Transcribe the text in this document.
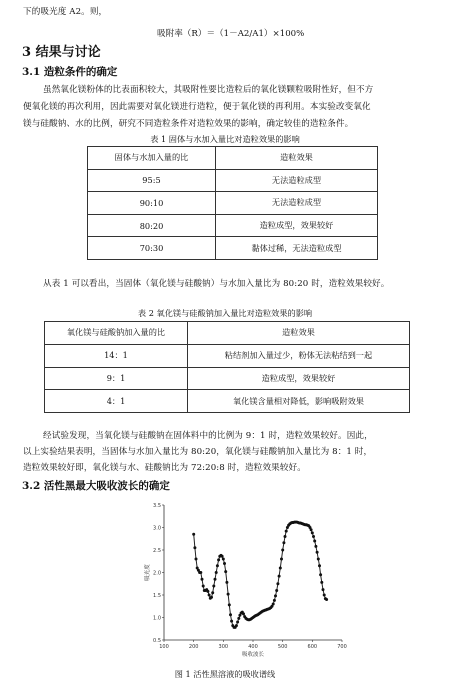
下的吸光度 A2。则，
吸附率（R）＝（1－A2/A1）×100%
3 结果与讨论
3.1 造粒条件的确定
虽然氧化镁粉体的比表面积较大，其吸附性要比造粒后的氧化镁颗粒吸附性好，但不方
便氧化镁的再次利用，因此需要对氧化镁进行造粒，便于氧化镁的再利用。本实验改变氧化
镁与硅酸钠、水的比例，研究不同造粒条件对造粒效果的影响，确定较佳的造粒条件。
表 1 固体与水加入量比对造粒效果的影响
固体与水加入量的比	造粒效果
95:5	无法造粒成型
90:10	无法造粒成型
80:20	造粒成型，效果较好
70:30	黏体过稀，无法造粒成型
从表 1 可以看出，当固体（氧化镁与硅酸钠）与水加入量比为 80:20 时，造粒效果较好。
表 2 氧化镁与硅酸钠加入量比对造粒效果的影响
氧化镁与硅酸钠加入量的比	造粒效果
14：1	粘结剂加入量过少，粉体无法粘结到一起
9：1	造粒成型，效果较好
4：1	氧化镁含量相对降低，影响吸附效果
经试验发现，当氧化镁与硅酸钠在固体料中的比例为 9：1 时，造粒效果较好。因此，
以上实验结果表明，当固体与水加入量比为 80:20，氧化镁与硅酸钠加入量比为 8：1 时，
造粒效果较好即，氧化镁与水、硅酸钠比为 72:20:8 时，造粒效果较好。
3.2 活性黑最大吸收波长的确定
100	200	300	400	500	600	700
0.5
1.0
1.5
2.0
2.5
3.0
3.5
吸收波长
吸光度
图 1 活性黑溶液的吸收谱线
